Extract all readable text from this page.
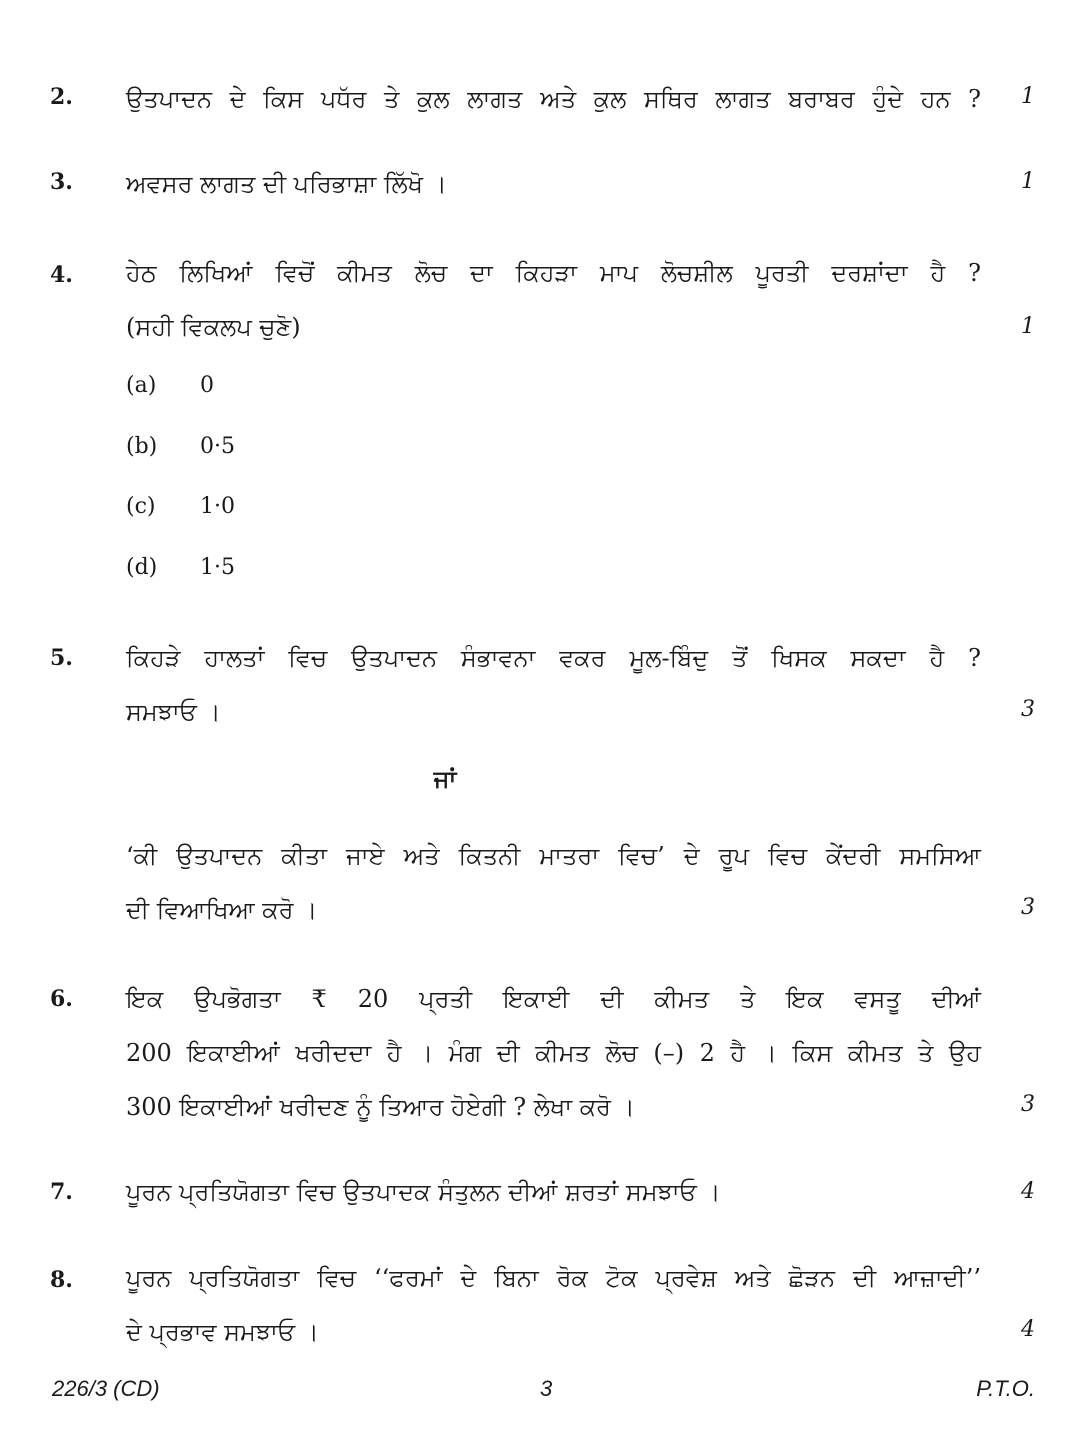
2. ਉਤਪਾਦਨ ਦੇ ਕਿਸ ਪਧੱਰ ਤੇ ਕੁਲ ਲਾਗਤ ਅਤੇ ਕੁਲ ਸਥਿਰ ਲਾਗਤ ਬਰਾਬਰ ਹੁੰਦੇ ਹਨ ? 1
3. ਅਵਸਰ ਲਾਗਤ ਦੀ ਪਰਿਭਾਸ਼ਾ ਲਿੱਖੋ ।	1
4. ਹੇਠ ਲਿਖਿਆਂ ਵਿਚੋਂ ਕੀਮਤ ਲੋਚ ਦਾ ਕਿਹੜਾ ਮਾਪ ਲੋਚਸ਼ੀਲ ਪੂਰਤੀ ਦਰਸ਼ਾਂਦਾ ਹੈ ?
(ਸਹੀ ਵਿਕਲਪ ਚੁਣੋ)	1
(a) 0
(b) 0·5
(c) 1·0
(d) 1·5
5. ਕਿਹੜੇ ਹਾਲਤਾਂ ਵਿਚ ਉਤਪਾਦਨ ਸੰਭਾਵਨਾ ਵਕਰ ਮੂਲ-ਬਿੰਦੁ ਤੋਂ ਖਿਸਕ ਸਕਦਾ ਹੈ ?
ਸਮਝਾਓ ।	3
ਜਾਂ
‘ਕੀ ਉਤਪਾਦਨ ਕੀਤਾ ਜਾਏ ਅਤੇ ਕਿਤਨੀ ਮਾਤਰਾ ਵਿਚ’ ਦੇ ਰੂਪ ਵਿਚ ਕੇਂਦਰੀ ਸਮਸਿਆ
ਦੀ ਵਿਆਖਿਆ ਕਰੋ ।	3
6. ਇਕ ਉਪਭੋਗਤਾ ₹ 20 ਪ੍ਰਤੀ ਇਕਾਈ ਦੀ ਕੀਮਤ ਤੇ ਇਕ ਵਸਤੂ ਦੀਆਂ
200 ਇਕਾਈਆਂ ਖਰੀਦਦਾ ਹੈ । ਮੰਗ ਦੀ ਕੀਮਤ ਲੋਚ (–) 2 ਹੈ । ਕਿਸ ਕੀਮਤ ਤੇ ਉਹ
300 ਇਕਾਈਆਂ ਖਰੀਦਣ ਨੂੰ ਤਿਆਰ ਹੋਏਗੀ ? ਲੇਖਾ ਕਰੋ ।	3
7. ਪੂਰਨ ਪ੍ਰਤਿਯੋਗਤਾ ਵਿਚ ਉਤਪਾਦਕ ਸੰਤੁਲਨ ਦੀਆਂ ਸ਼ਰਤਾਂ ਸਮਝਾਓ ।	4
8. ਪੂਰਨ ਪ੍ਰਤਿਯੋਗਤਾ ਵਿਚ ‘‘ਫਰਮਾਂ ਦੇ ਬਿਨਾ ਰੋਕ ਟੋਕ ਪ੍ਰਵੇਸ਼ ਅਤੇ ਛੋੜਨ ਦੀ ਆਜ਼ਾਦੀ’’
ਦੇ ਪ੍ਰਭਾਵ ਸਮਝਾਓ ।	4
226/3 (CD)	3	P.T.O.
